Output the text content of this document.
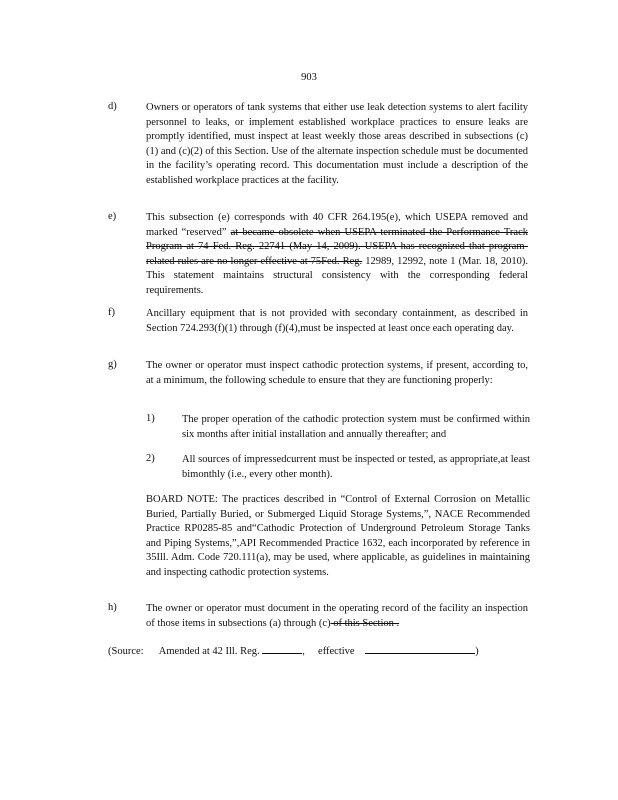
903
d)	Owners or operators of tank systems that either use leak detection systems to alert facility personnel to leaks, or implement established workplace practices to ensure leaks are promptly identified, must inspect at least weekly those areas described in subsections (c)(1) and (c)(2) of this Section. Use of the alternate inspection schedule must be documented in the facility’s operating record. This documentation must include a description of the established workplace practices at the facility.
e)	This subsection (e) corresponds with 40 CFR 264.195(e), which USEPA removed and marked “reserved” at became obsolete when USEPA terminated the Performance Track Program at 74 Fed. Reg. 22741 (May 14, 2009). USEPA has recognized that program-related rules are no longer effective at 75Fed. Reg. 12989, 12992, note 1 (Mar. 18, 2010). This statement maintains structural consistency with the corresponding federal requirements.
f)	Ancillary equipment that is not provided with secondary containment, as described in Section 724.293(f)(1) through (f)(4),must be inspected at least once each operating day.
g)	The owner or operator must inspect cathodic protection systems, if present, according to, at a minimum, the following schedule to ensure that they are functioning properly:
1)	The proper operation of the cathodic protection system must be confirmed within six months after initial installation and annually thereafter; and
2)	All sources of impressedcurrent must be inspected or tested, as appropriate,at least bimonthly (i.e., every other month).
BOARD NOTE: The practices described in “Control of External Corrosion on Metallic Buried, Partially Buried, or Submerged Liquid Storage Systems,”, NACE Recommended Practice RP0285-85 and“Cathodic Protection of Underground Petroleum Storage Tanks and Piping Systems,”,API Recommended Practice 1632, each incorporated by reference in 35Ill. Adm. Code 720.111(a), may be used, where applicable, as guidelines in maintaining and inspecting cathodic protection systems.
h)	The owner or operator must document in the operating record of the facility an inspection of those items in subsections (a) through (c) of this Section .
(Source: Amended at 42 Ill. Reg.	, effective	)
